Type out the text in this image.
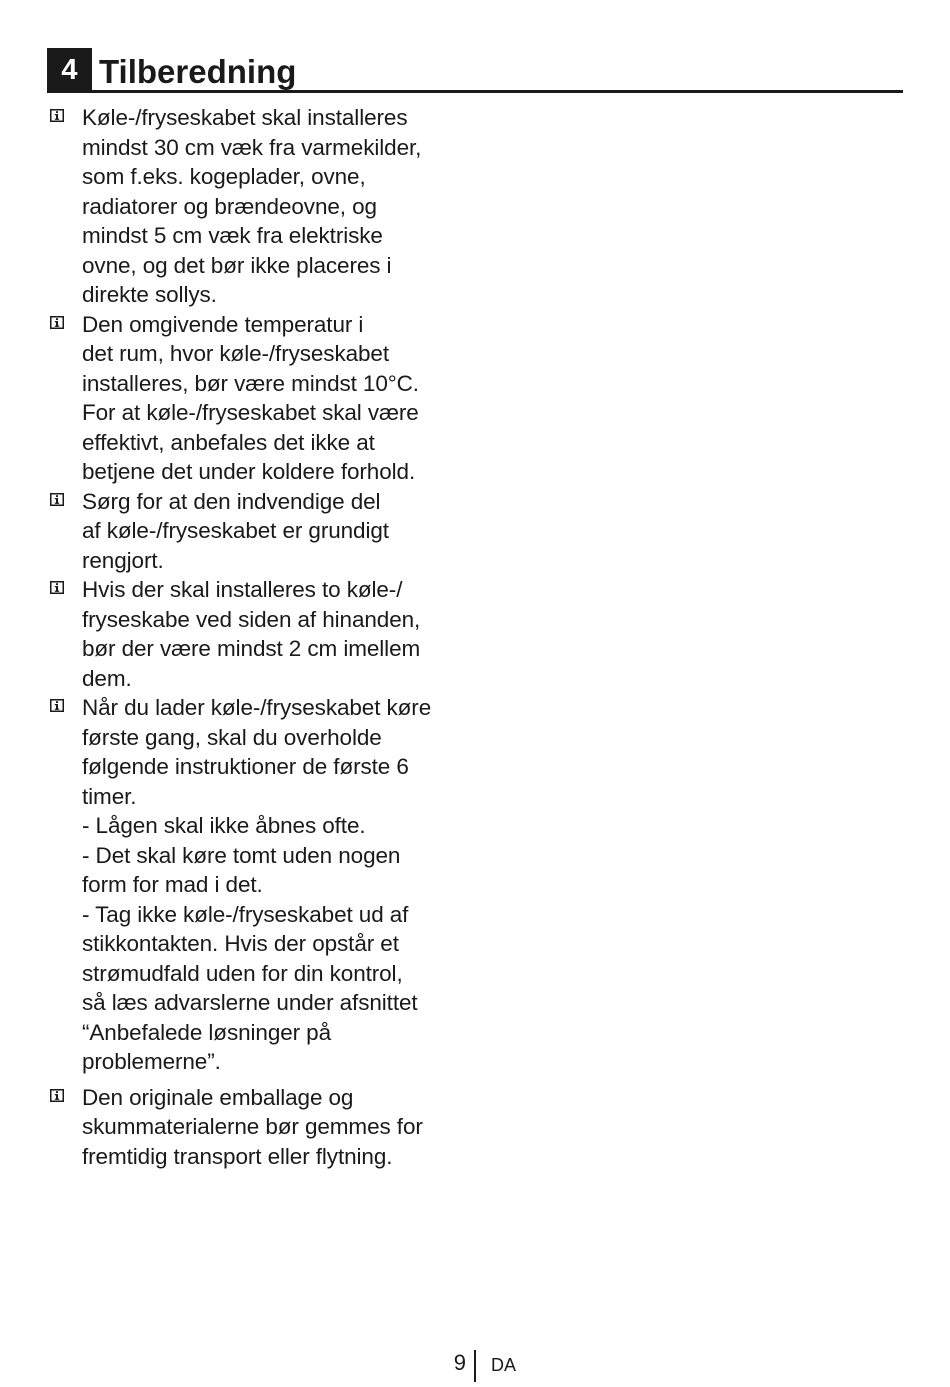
4 Tilberedning
Køle-/fryseskabet skal installeres
mindst 30 cm væk fra varmekilder,
som f.eks. kogeplader, ovne,
radiatorer og brændeovne, og
mindst 5 cm væk fra elektriske
ovne, og det bør ikke placeres i
direkte sollys.
Den omgivende temperatur i
det rum, hvor køle-/fryseskabet
installeres, bør være mindst 10°C.
For at køle-/fryseskabet skal være
effektivt, anbefales det ikke at
betjene det under koldere forhold.
Sørg for at den indvendige del
af køle-/fryseskabet er grundigt
rengjort.
Hvis der skal installeres to køle-/
fryseskabe ved siden af hinanden,
bør der være mindst 2 cm imellem
dem.
Når du lader køle-/fryseskabet køre
første gang, skal du overholde
følgende instruktioner de første 6
timer.
- Lågen skal ikke åbnes ofte.
- Det skal køre tomt uden nogen
form for mad i det.
- Tag ikke køle-/fryseskabet ud af
stikkontakten. Hvis der opstår et
strømudfald uden for din kontrol,
så læs advarslerne under afsnittet
“Anbefalede løsninger på
problemerne”.
Den originale emballage og
skummaterialerne bør gemmes for
fremtidig transport eller flytning.
9 DA
